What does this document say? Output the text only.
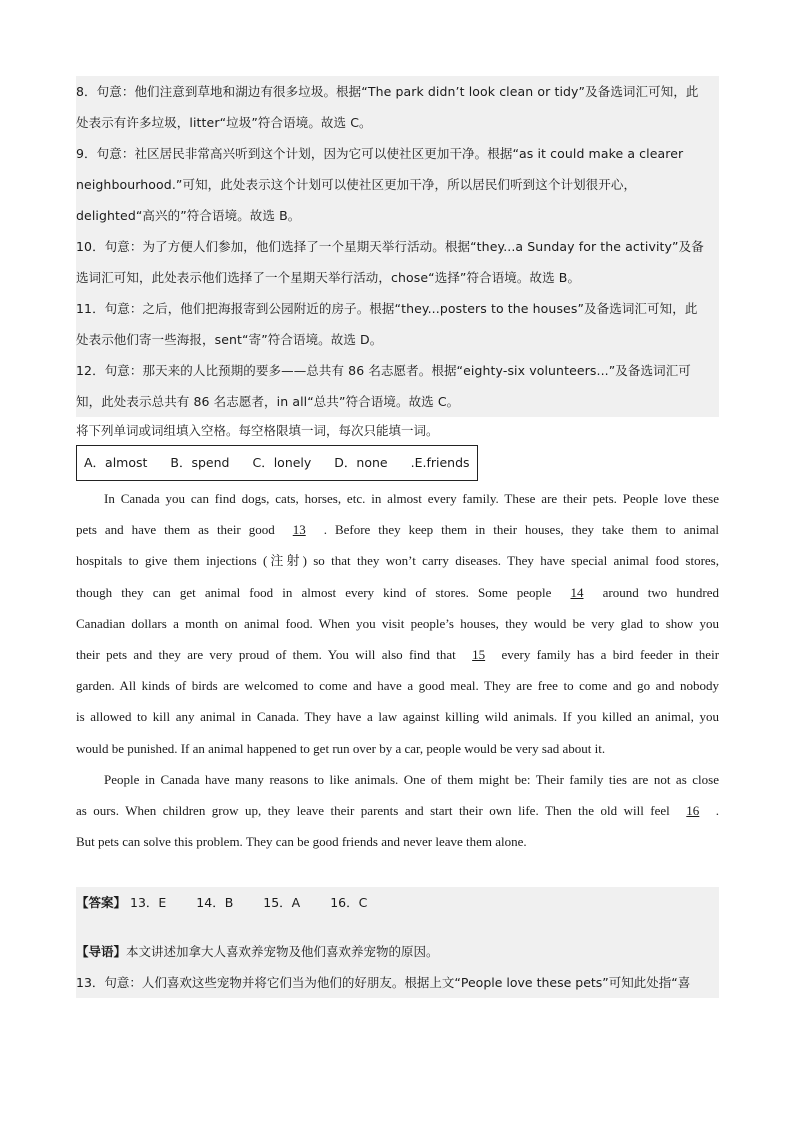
8．句意：他们注意到草地和湖边有很多垃圾。根据“The park didn’t look clean or tidy”及备选词汇可知，此
处表示有许多垃圾，litter“垃圾”符合语境。故选 C。
9．句意：社区居民非常高兴听到这个计划，因为它可以使社区更加干净。根据“as it could make a clearer
neighbourhood.”可知，此处表示这个计划可以使社区更加干净，所以居民们听到这个计划很开心，
delighted“高兴的”符合语境。故选 B。
10．句意：为了方便人们参加，他们选择了一个星期天举行活动。根据“they...a Sunday for the activity”及备
选词汇可知，此处表示他们选择了一个星期天举行活动，chose“选择”符合语境。故选 B。
11．句意：之后，他们把海报寄到公园附近的房子。根据“they...posters to the houses”及备选词汇可知，此
处表示他们寄一些海报，sent“寄”符合语境。故选 D。
12．句意：那天来的人比预期的要多——总共有 86 名志愿者。根据“eighty-six volunteers...”及备选词汇可
知，此处表示总共有 86 名志愿者，in all“总共”符合语境。故选 C。
将下列单词或词组填入空格。每空格限填一词，每次只能填一词。
A．almost B．spend C．lonely D．none .E.friends
In Canada you can find dogs, cats, horses, etc. in almost every family. These are their pets. People love these
pets and have them as their good 13 . Before they keep them in their houses, they take them to animal
hospitals to give them injections (注射) so that they won’t carry diseases. They have special animal food stores,
though they can get animal food in almost every kind of stores. Some people 14 around two hundred
Canadian dollars a month on animal food. When you visit people’s houses, they would be very glad to show you
their pets and they are very proud of them. You will also find that 15 every family has a bird feeder in their
garden. All kinds of birds are welcomed to come and have a good meal. They are free to come and go and nobody
is allowed to kill any animal in Canada. They have a law against killing wild animals. If you killed an animal, you
would be punished. If an animal happened to get run over by a car, people would be very sad about it.
People in Canada have many reasons to like animals. One of them might be: Their family ties are not as close
as ours. When children grow up, they leave their parents and start their own life. Then the old will feel 16 .
But pets can solve this problem. They can be good friends and never leave them alone.
【答案】 13．E 14．B 15．A 16．C
【导语】本文讲述加拿大人喜欢养宠物及他们喜欢养宠物的原因。
13．句意：人们喜欢这些宠物并将它们当为他们的好朋友。根据上文“People love these pets”可知此处指“喜
